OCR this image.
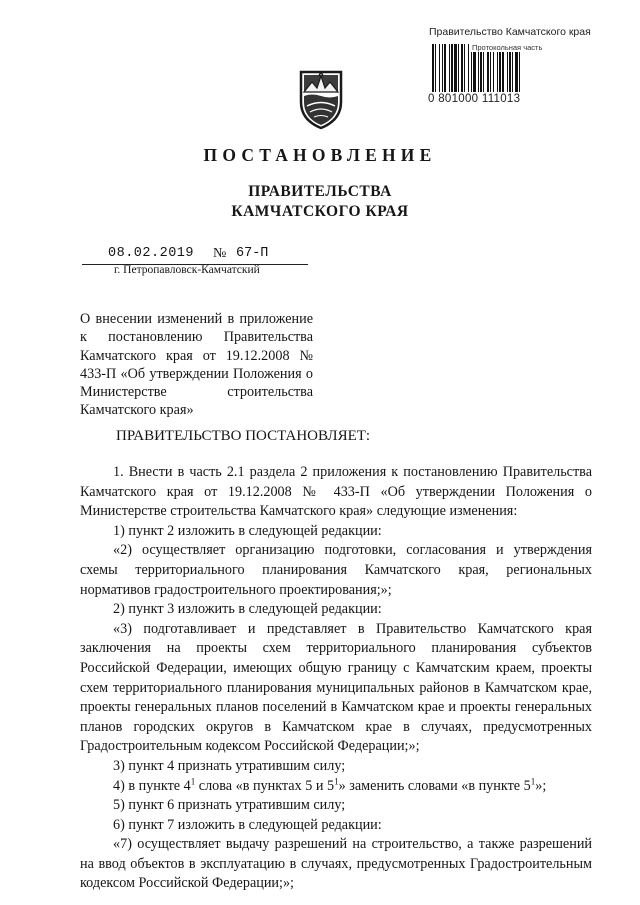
Правительство Камчатского края
Протокольная часть
0 801000 111013
ПОСТАНОВЛЕНИЕ
ПРАВИТЕЛЬСТВА
КАМЧАТСКОГО КРАЯ
08.02.2019 № 67-П
г. Петропавловск-Камчатский
О внесении изменений в приложение к постановлению Правительства Камчатского края от 19.12.2008 № 433-П «Об утверждении Положения о Министерстве строительства Камчатского края»
ПРАВИТЕЛЬСТВО ПОСТАНОВЛЯЕТ:

1. Внести в часть 2.1 раздела 2 приложения к постановлению Правительства Камчатского края от 19.12.2008 № 433-П «Об утверждении Положения о Министерстве строительства Камчатского края» следующие изменения:

1) пункт 2 изложить в следующей редакции:

«2) осуществляет организацию подготовки, согласования и утверждения схемы территориального планирования Камчатского края, региональных нормативов градостроительного проектирования;»;

2) пункт 3 изложить в следующей редакции:

«3) подготавливает и представляет в Правительство Камчатского края заключения на проекты схем территориального планирования субъектов Российской Федерации, имеющих общую границу с Камчатским краем, проекты схем территориального планирования муниципальных районов в Камчатском крае, проекты генеральных планов поселений в Камчатском крае и проекты генеральных планов городских округов в Камчатском крае в случаях, предусмотренных Градостроительным кодексом Российской Федерации;»;

3) пункт 4 признать утратившим силу;

4) в пункте $4^1$ слова «в пунктах 5 и $5^1$» заменить словами «в пункте $5^1$»;

5) пункт 6 признать утратившим силу;

6) пункт 7 изложить в следующей редакции:

«7) осуществляет выдачу разрешений на строительство, а также разрешений на ввод объектов в эксплуатацию в случаях, предусмотренных Градостроительным кодексом Российской Федерации;»;
